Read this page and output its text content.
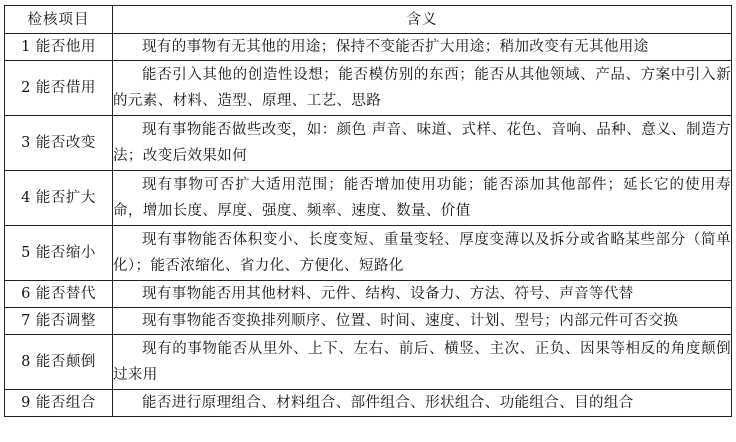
检核项目	含义
1 能否他用	现有的事物有无其他的用途；保持不变能否扩大用途；稍加改变有无其他用途
2 能否借用	能否引入其他的创造性设想；能否模仿别的东西；能否从其他领域、产品、方案中引入新的元素、材料、造型、原理、工艺、思路
3 能否改变	现有事物能否做些改变，如：颜色 声音、味道、式样、花色、音响、品种、意义、制造方法；改变后效果如何
4 能否扩大	现有事物可否扩大适用范围；能否增加使用功能；能否添加其他部件；延长它的使用寿命，增加长度、厚度、强度、频率、速度、数量、价值
5 能否缩小	现有事物能否体积变小、长度变短、重量变轻、厚度变薄以及拆分或省略某些部分（简单化）；能否浓缩化、省力化、方便化、短路化
6 能否替代	现有事物能否用其他材料、元件、结构、设备力、方法、符号、声音等代替
7 能否调整	现有事物能否变换排列顺序、位置、时间、速度、计划、型号；内部元件可否交换
8 能否颠倒	现有的事物能否从里外、上下、左右、前后、横竖、主次、正负、因果等相反的角度颠倒过来用
9 能否组合	能否进行原理组合、材料组合、部件组合、形状组合、功能组合、目的组合
